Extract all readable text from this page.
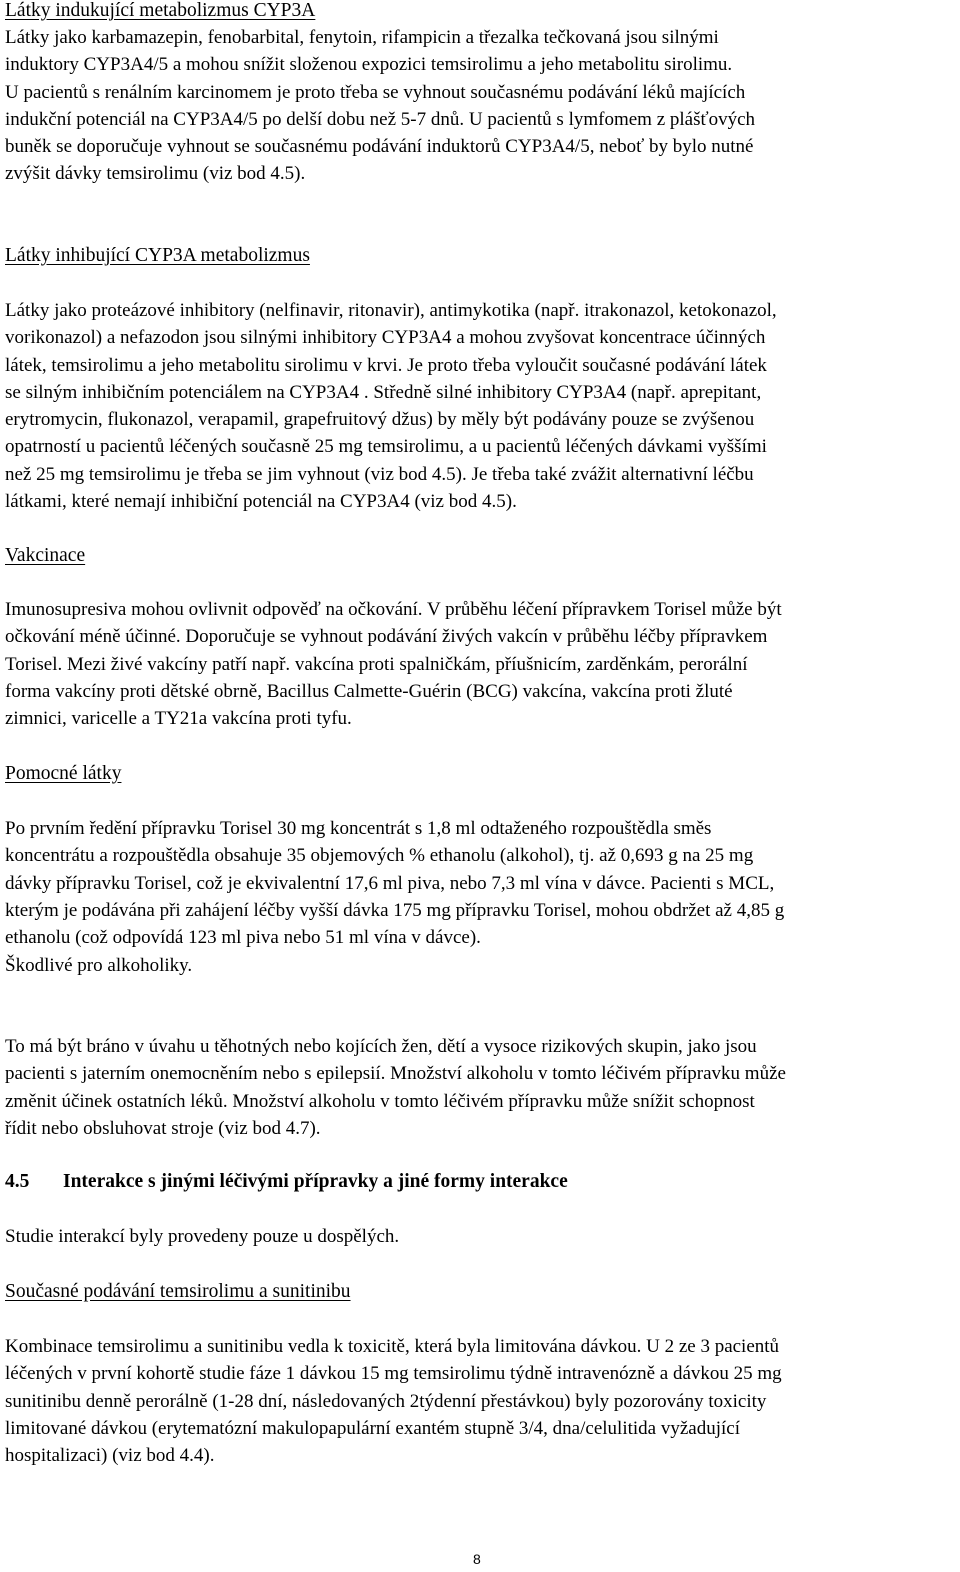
Látky indukující metabolizmus CYP3A
Látky jako karbamazepin, fenobarbital, fenytoin, rifampicin a třezalka tečkovaná jsou silnými
induktory CYP3A4/5 a mohou snížit složenou expozici temsirolimu a jeho metabolitu sirolimu.
U pacientů s renálním karcinomem je proto třeba se vyhnout současnému podávání léků majících
indukční potenciál na CYP3A4/5 po delší dobu než 5-7 dnů. U pacientů s lymfomem z plášťových
buněk se doporučuje vyhnout se současnému podávání induktorů CYP3A4/5, neboť by bylo nutné
zvýšit dávky temsirolimu (viz bod 4.5).
Látky inhibující CYP3A metabolizmus
Látky jako proteázové inhibitory (nelfinavir, ritonavir), antimykotika (např. itrakonazol, ketokonazol,
vorikonazol) a nefazodon jsou silnými inhibitory CYP3A4 a mohou zvyšovat koncentrace účinných
látek, temsirolimu a jeho metabolitu sirolimu v krvi. Je proto třeba vyloučit současné podávání látek
se silným inhibičním potenciálem na CYP3A4 . Středně silné inhibitory CYP3A4 (např. aprepitant,
erytromycin, flukonazol, verapamil, grapefruitový džus) by měly být podávány pouze se zvýšenou
opatrností u pacientů léčených současně 25 mg temsirolimu, a u pacientů léčených dávkami vyššími
než 25 mg temsirolimu je třeba se jim vyhnout (viz bod 4.5). Je třeba také zvážit alternativní léčbu
látkami, které nemají inhibiční potenciál na CYP3A4 (viz bod 4.5).
Vakcinace
Imunosupresiva mohou ovlivnit odpověď na očkování. V průběhu léčení přípravkem Torisel může být
očkování méně účinné. Doporučuje se vyhnout podávání živých vakcín v průběhu léčby přípravkem
Torisel. Mezi živé vakcíny patří např. vakcína proti spalničkám, příušnicím, zarděnkám, perorální
forma vakcíny proti dětské obrně, Bacillus Calmette-Guérin (BCG) vakcína, vakcína proti žluté
zimnici, varicelle a TY21a vakcína proti tyfu.
Pomocné látky
Po prvním ředění přípravku Torisel 30 mg koncentrát s 1,8 ml odtaženého rozpouštědla směs
koncentrátu a rozpouštědla obsahuje 35 objemových % ethanolu (alkohol), tj. až 0,693 g na 25 mg
dávky přípravku Torisel, což je ekvivalentní 17,6 ml piva, nebo 7,3 ml vína v dávce. Pacienti s MCL,
kterým je podávána při zahájení léčby vyšší dávka 175 mg přípravku Torisel, mohou obdržet až 4,85 g
ethanolu (což odpovídá 123 ml piva nebo 51 ml vína v dávce).
Škodlivé pro alkoholiky.
To má být bráno v úvahu u těhotných nebo kojících žen, dětí a vysoce rizikových skupin, jako jsou
pacienti s jaterním onemocněním nebo s epilepsií. Množství alkoholu v tomto léčivém přípravku může
změnit účinek ostatních léků. Množství alkoholu v tomto léčivém přípravku může snížit schopnost
řídit nebo obsluhovat stroje (viz bod 4.7).
4.5 Interakce s jinými léčivými přípravky a jiné formy interakce
Studie interakcí byly provedeny pouze u dospělých.
Současné podávání temsirolimu a sunitinibu
Kombinace temsirolimu a sunitinibu vedla k toxicitě, která byla limitována dávkou. U 2 ze 3 pacientů
léčených v první kohortě studie fáze 1 dávkou 15 mg temsirolimu týdně intravenózně a dávkou 25 mg
sunitinibu denně perorálně (1-28 dní, následovaných 2týdenní přestávkou) byly pozorovány toxicity
limitované dávkou (erytematózní makulopapulární exantém stupně 3/4, dna/celulitida vyžadující
hospitalizaci) (viz bod 4.4).
8
